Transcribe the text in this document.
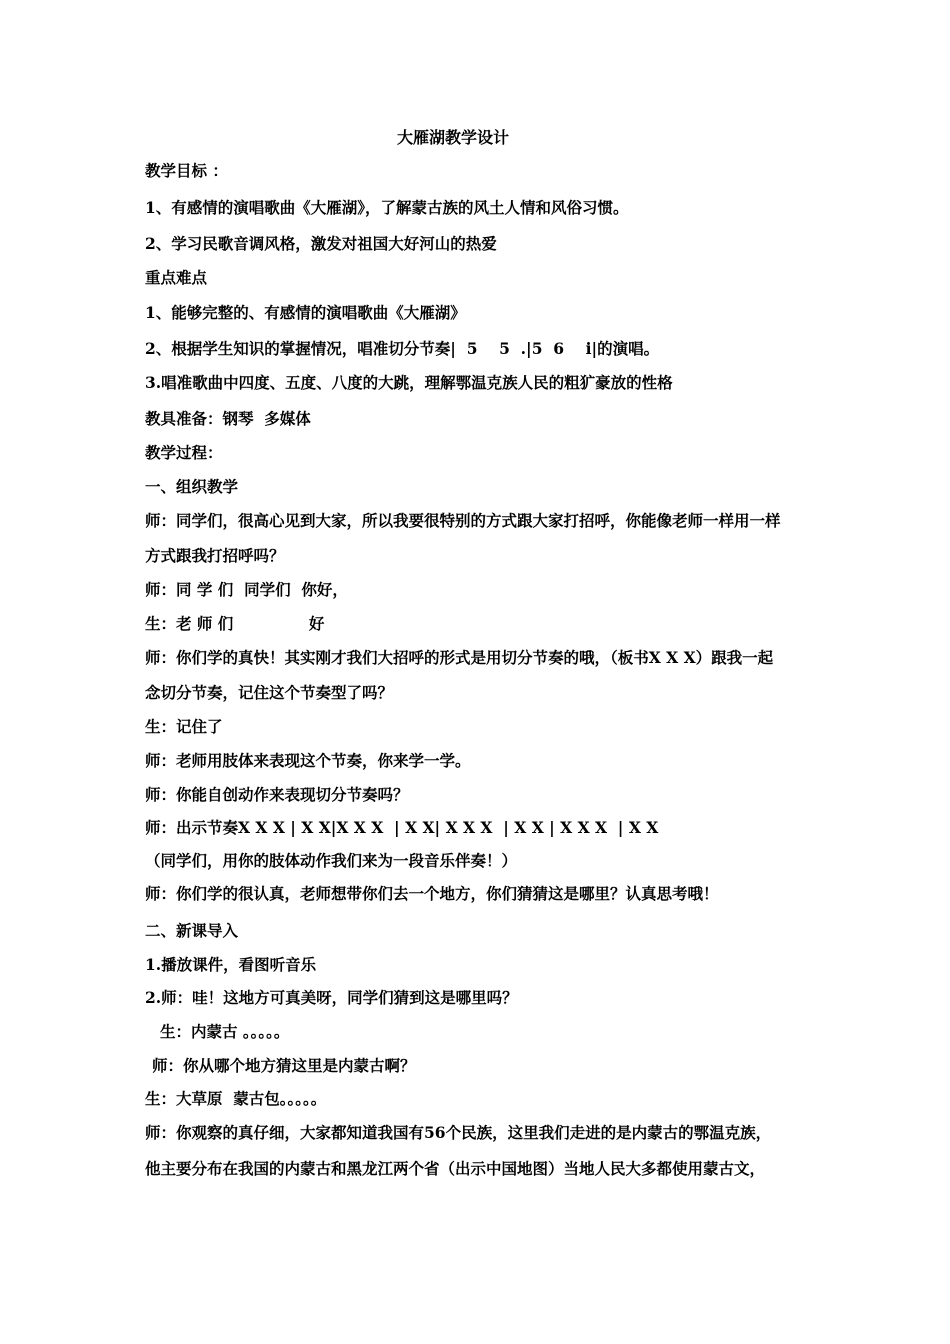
大雁湖教学设计
教学目标 ：
1、有感情的演唱歌曲《大雁湖》，了解蒙古族的风土人情和风俗习惯。
2、学习民歌音调风格，激发对祖国大好河山的热爱
重点难点
1、能够完整的、有感情的演唱歌曲《大雁湖》
2、根据学生知识的掌握情况，唱准切分节奏|  5    5  .|5  6    i|的演唱。
3.唱准歌曲中四度、五度、八度的大跳，理解鄂温克族人民的粗犷豪放的性格
教具准备：钢琴  多媒体
教学过程：
一、组织教学
师：同学们，很高心见到大家，所以我要很特别的方式跟大家打招呼，你能像老师一样用一样
方式跟我打招呼吗？
师：同 学 们  同学们  你好，
生：老 师 们              好
师：你们学的真快！其实刚才我们大招呼的形式是用切分节奏的哦，（板书X X X）跟我一起
念切分节奏，记住这个节奏型了吗？
生：记住了
师：老师用肢体来表现这个节奏，你来学一学。
师：你能自创动作来表现切分节奏吗？
师：出示节奏X X X | X X|X X X  | X X| X X X  | X X | X X X  | X X
（同学们，用你的肢体动作我们来为一段音乐伴奏！）
师：你们学的很认真，老师想带你们去一个地方，你们猜猜这是哪里？认真思考哦！
二、新课导入
1.播放课件，看图听音乐
2.师：哇！这地方可真美呀，同学们猜到这是哪里吗？
生：内蒙古 。。。。。
师：你从哪个地方猜这里是内蒙古啊？
生：大草原  蒙古包。。。。。
师：你观察的真仔细，大家都知道我国有56个民族，这里我们走进的是内蒙古的鄂温克族，
他主要分布在我国的内蒙古和黑龙江两个省（出示中国地图）当地人民大多都使用蒙古文，
